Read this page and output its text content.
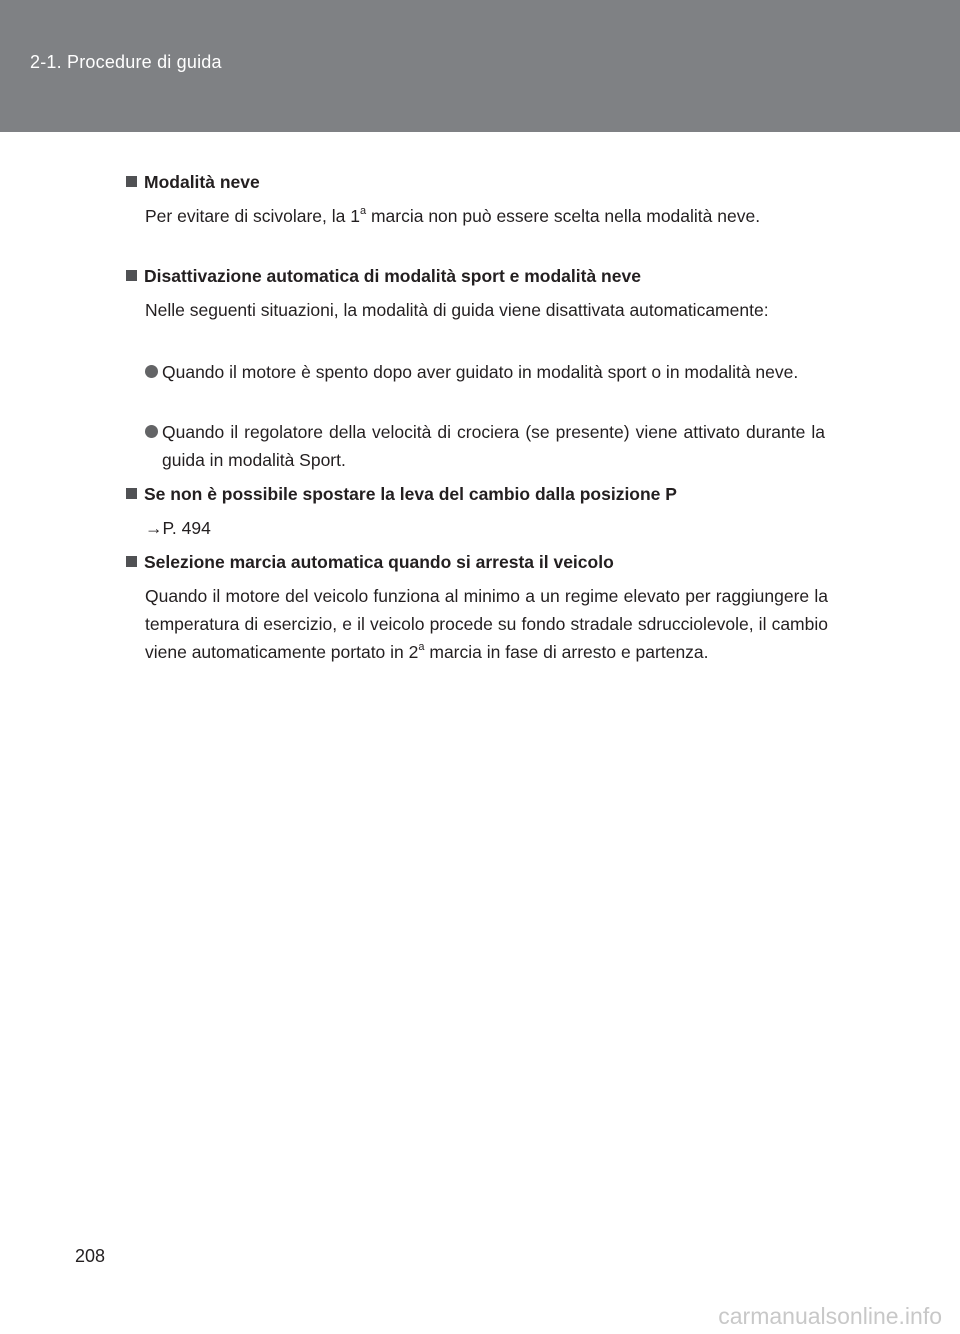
2-1. Procedure di guida
Modalità neve
Per evitare di scivolare, la 1$^a$ marcia non può essere scelta nella modalità neve.
Disattivazione automatica di modalità sport e modalità neve
Nelle seguenti situazioni, la modalità di guida viene disattivata automaticamente:
Quando il motore è spento dopo aver guidato in modalità sport o in modalità neve.
Quando il regolatore della velocità di crociera (se presente) viene attivato durante la guida in modalità Sport.
Se non è possibile spostare la leva del cambio dalla posizione P
→P. 494
Selezione marcia automatica quando si arresta il veicolo
Quando il motore del veicolo funziona al minimo a un regime elevato per raggiungere la temperatura di esercizio, e il veicolo procede su fondo stradale sdrucciolevole, il cambio viene automaticamente portato in 2$^a$ marcia in fase di arresto e partenza.
208
carmanualsonline.info
